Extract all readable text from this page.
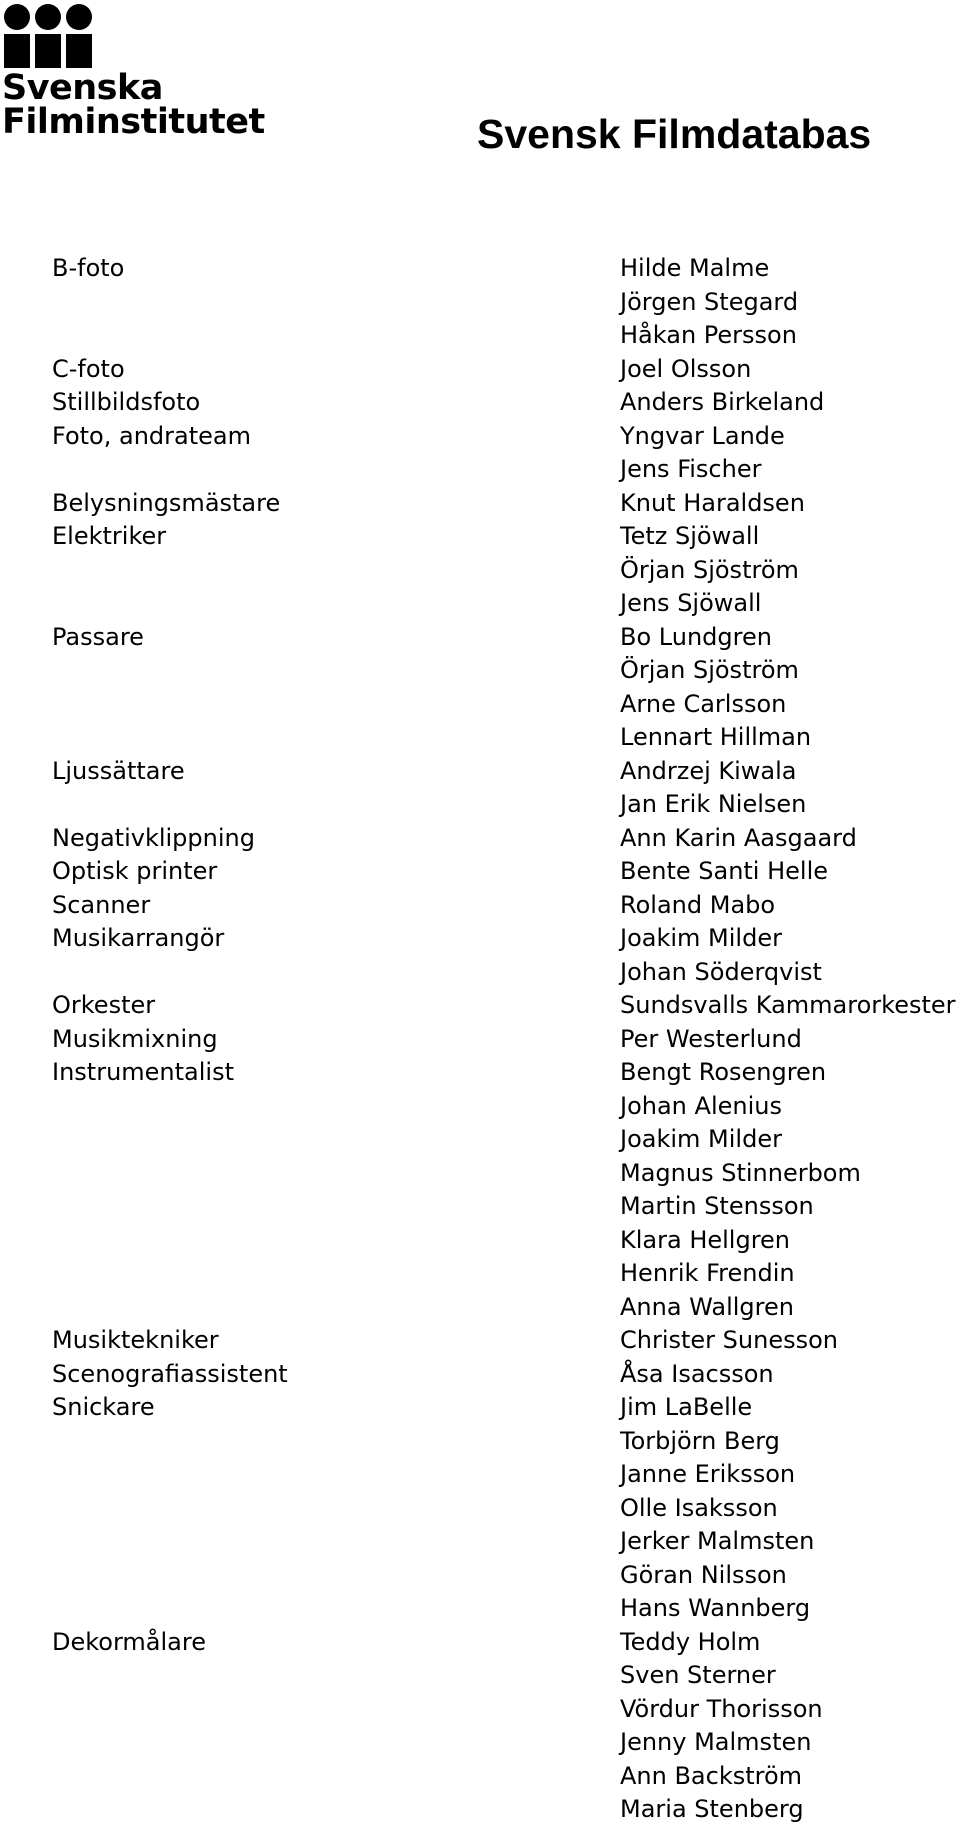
Svenska
Filminstitutet	Svensk Filmdatabas
B-foto
C-foto
Stillbildsfoto
Foto, andrateam
Belysningsmästare
Elektriker
Passare
Ljussättare
Negativklippning
Optisk printer
Scanner
Musikarrangör
Orkester
Musikmixning
Instrumentalist
Musiktekniker
Scenografiassistent
Snickare
Dekormålare
Hilde Malme
Jörgen Stegard
Håkan Persson
Joel Olsson
Anders Birkeland
Yngvar Lande
Jens Fischer
Knut Haraldsen
Tetz Sjöwall
Örjan Sjöström
Jens Sjöwall
Bo Lundgren
Örjan Sjöström
Arne Carlsson
Lennart Hillman
Andrzej Kiwala
Jan Erik Nielsen
Ann Karin Aasgaard
Bente Santi Helle
Roland Mabo
Joakim Milder
Johan Söderqvist
Sundsvalls Kammarorkester
Per Westerlund
Bengt Rosengren
Johan Alenius
Joakim Milder
Magnus Stinnerbom
Martin Stensson
Klara Hellgren
Henrik Frendin
Anna Wallgren
Christer Sunesson
Åsa Isacsson
Jim LaBelle
Torbjörn Berg
Janne Eriksson
Olle Isaksson
Jerker Malmsten
Göran Nilsson
Hans Wannberg
Teddy Holm
Sven Sterner
Vördur Thorisson
Jenny Malmsten
Ann Backström
Maria Stenberg
